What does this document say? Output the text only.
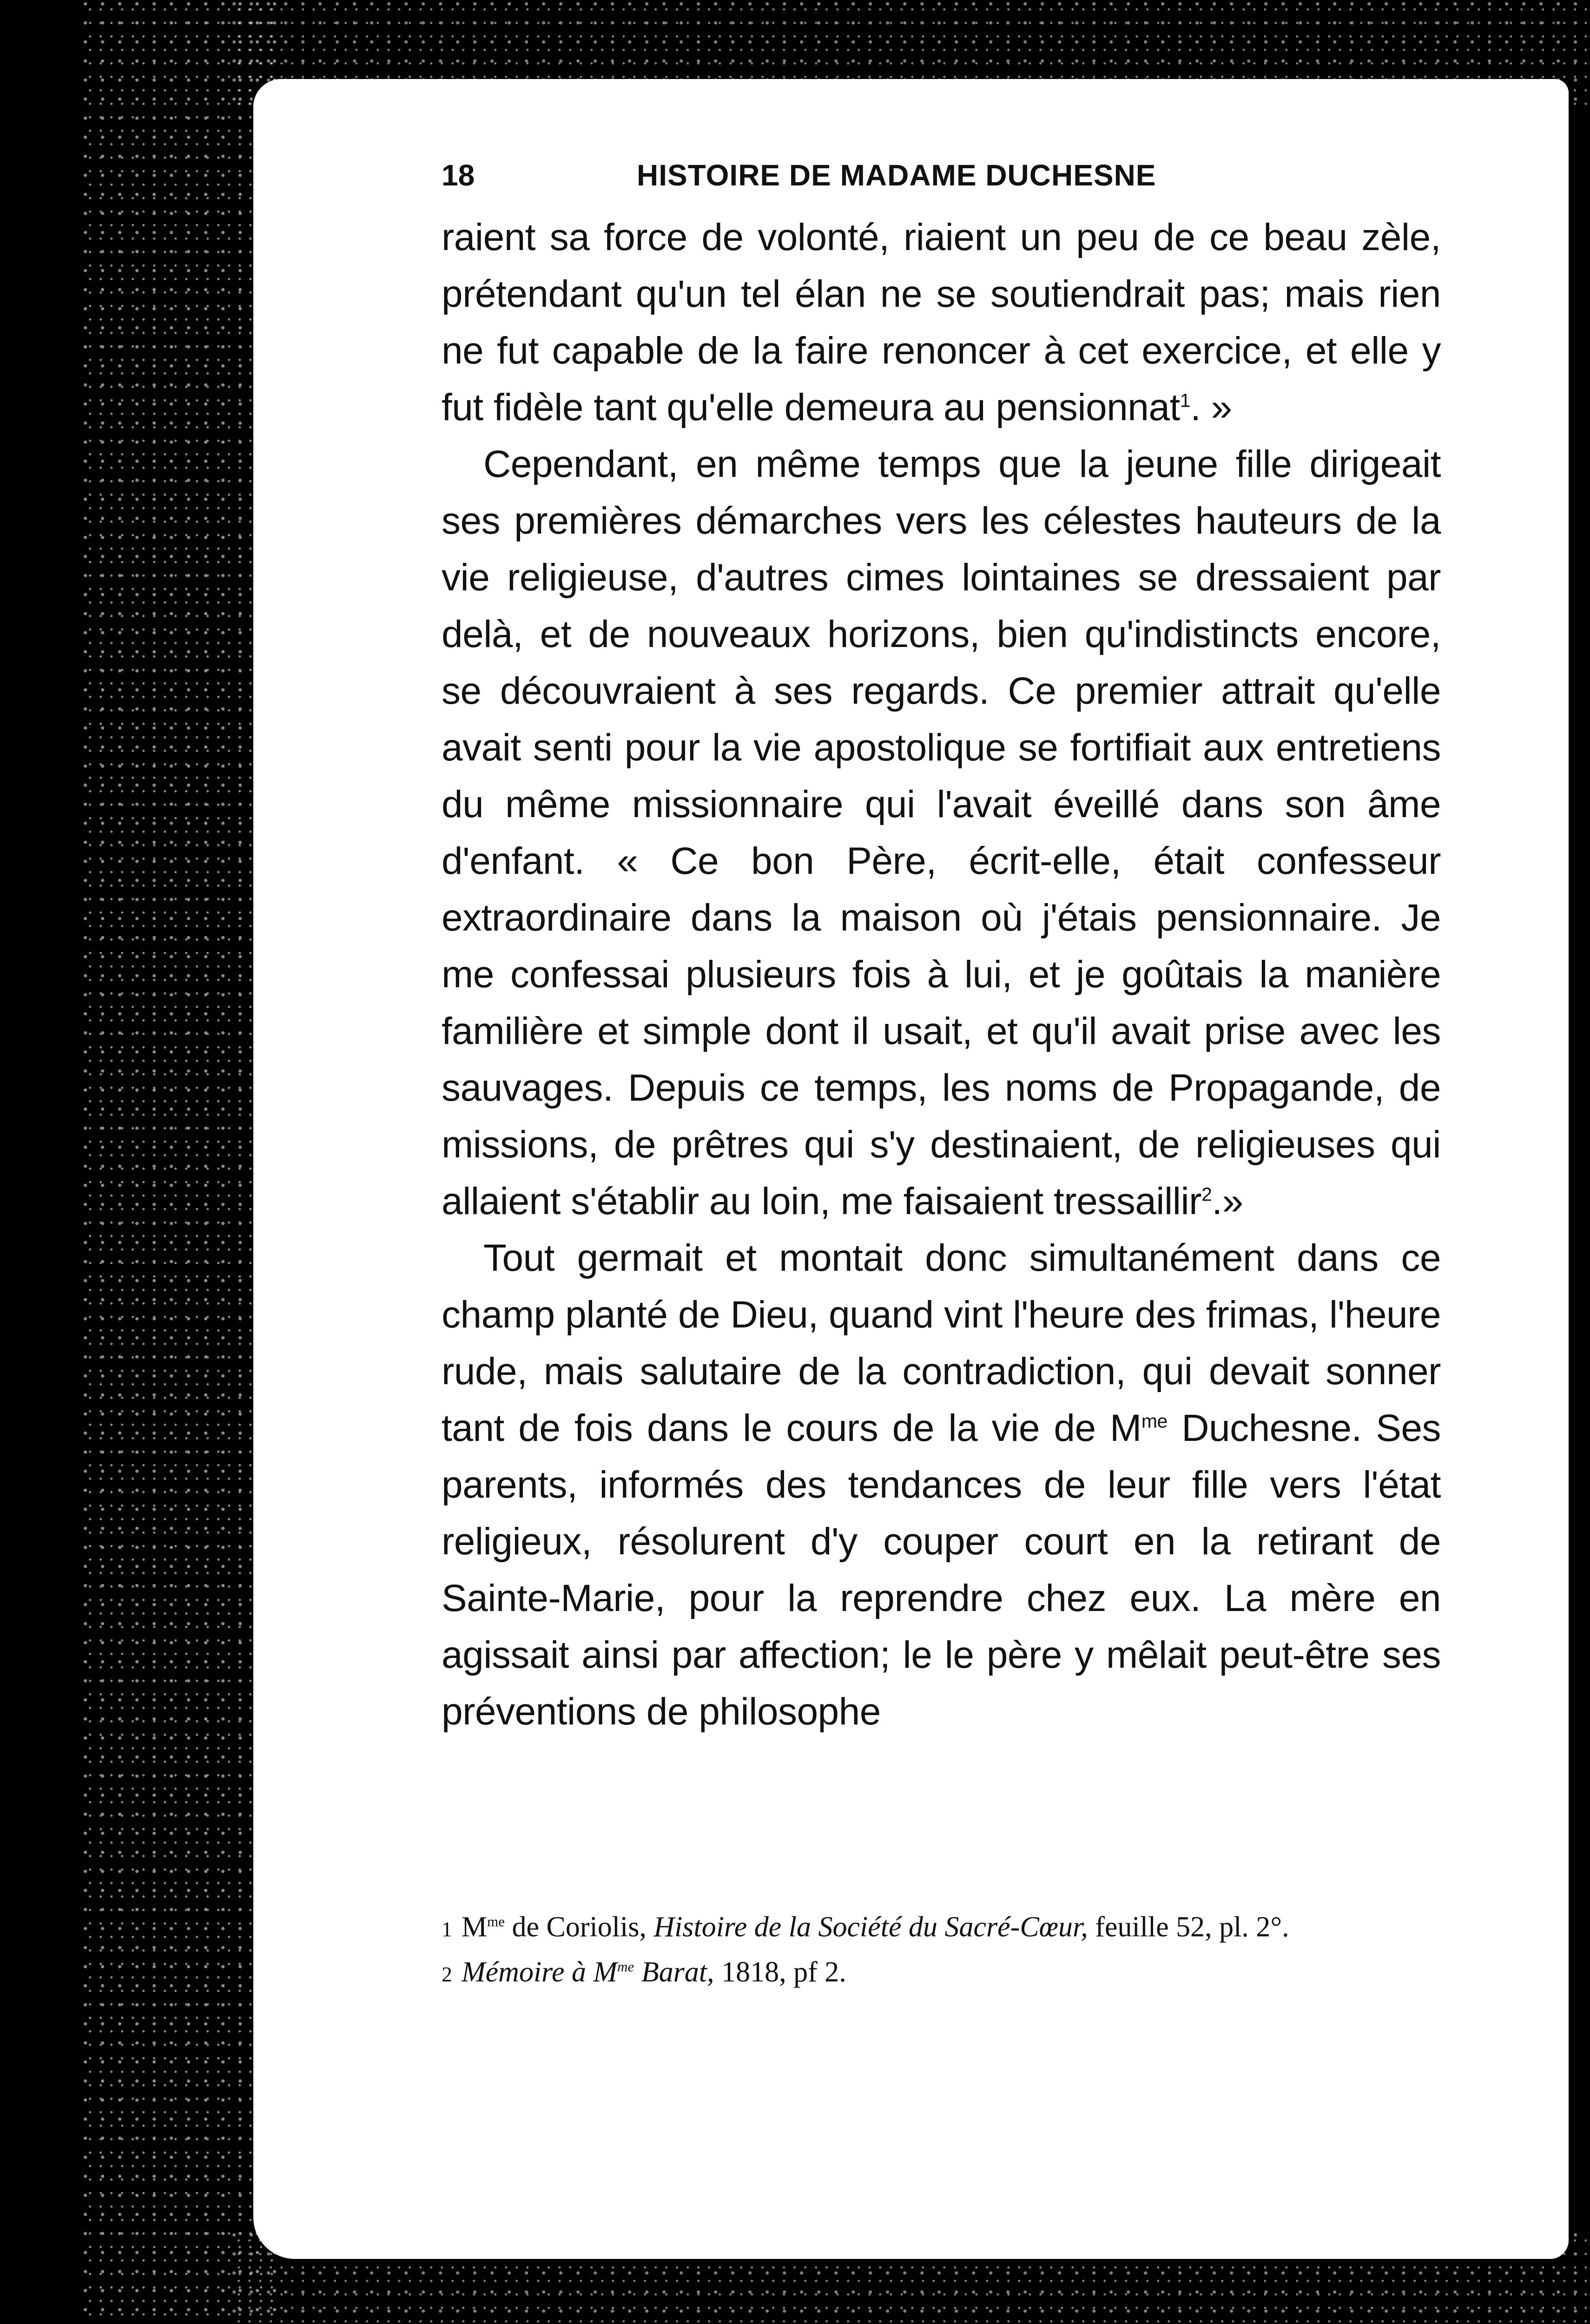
18	HISTOIRE DE MADAME DUCHESNE

raient sa force de volonté, riaient un peu de ce beau zèle, prétendant qu'un tel élan ne se soutiendrait pas; mais rien ne fut capable de la faire renoncer à cet exercice, et elle y fut fidèle tant qu'elle demeura au pensionnat$^1$. »

Cependant, en même temps que la jeune fille dirigeait ses premières démarches vers les célestes hauteurs de la vie religieuse, d'autres cimes lointaines se dressaient par delà, et de nouveaux horizons, bien qu'indistincts encore, se découvraient à ses regards. Ce premier attrait qu'elle avait senti pour la vie apostolique se fortifiait aux entretiens du même missionnaire qui l'avait éveillé dans son âme d'enfant. « Ce bon Père, écrit-elle, était confesseur extraordinaire dans la maison où j'étais pensionnaire. Je me confessai plusieurs fois à lui, et je goûtais la manière familière et simple dont il usait, et qu'il avait prise avec les sauvages. Depuis ce temps, les noms de Propagande, de missions, de prêtres qui s'y destinaient, de religieuses qui allaient s'établir au loin, me faisaient tressaillir$^2$.»

Tout germait et montait donc simultanément dans ce champ planté de Dieu, quand vint l'heure des frimas, l'heure rude, mais salutaire de la contradiction, qui devait sonner tant de fois dans le cours de la vie de $M^{me}$ Duchesne. Ses parents, informés des tendances de leur fille vers l'état religieux, résolurent d'y couper court en la retirant de Sainte-Marie, pour la reprendre chez eux. La mère en agissait ainsi par affection; le le père y mêlait peut-être ses préventions de philosophe

1 $M^{me}$ de Coriolis, Histoire de la Société du Sacré-Cœur, feuille 52, pl. 2°.

2 Mémoire à $M^{me}$ Barat, 1818, pf 2.
